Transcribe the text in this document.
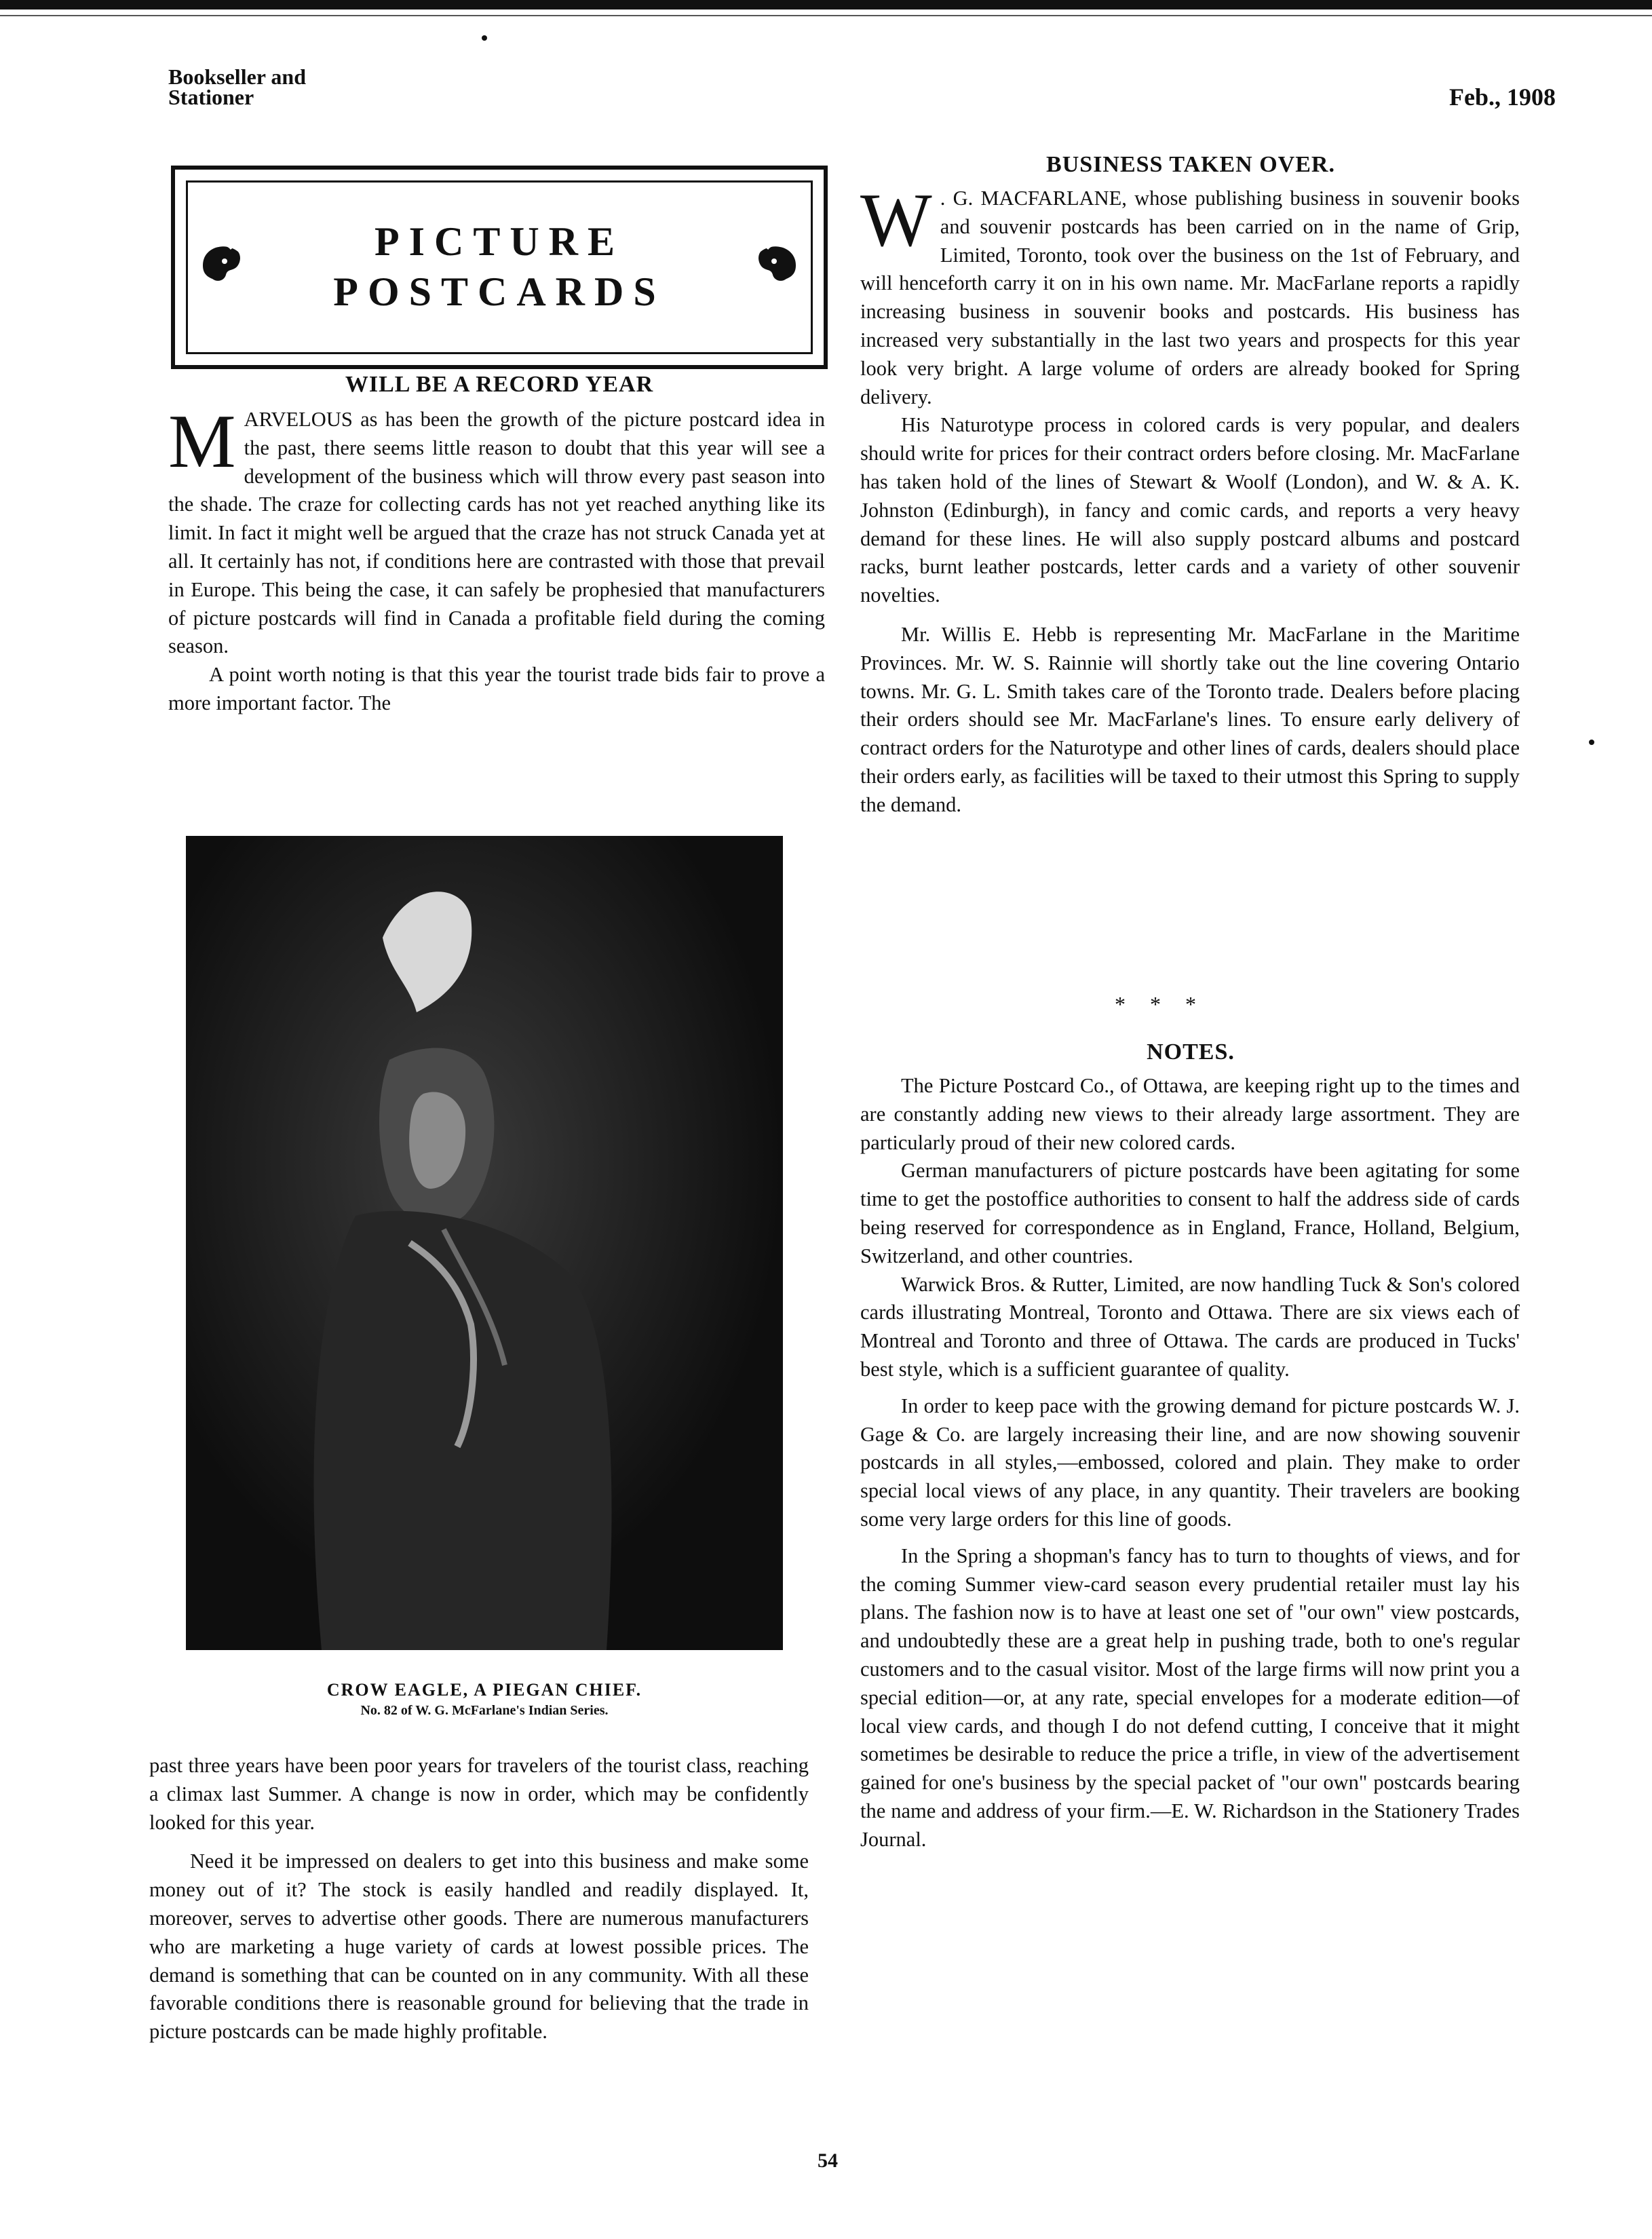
Bookseller and
Stationer	Feb., 1908
PICTURE
POSTCARDS
WILL BE A RECORD YEAR

MARVELOUS as has been the growth of the picture postcard idea in the past, there seems little reason to doubt that this year will see a development of the business which will throw every past season into the shade. The craze for collecting cards has not yet reached anything like its limit. In fact it might well be argued that the craze has not struck Canada yet at all. It certainly has not, if conditions here are contrasted with those that prevail in Europe. This being the case, it can safely be prophesied that manufacturers of picture postcards will find in Canada a profitable field during the coming season.

A point worth noting is that this year the tourist trade bids fair to prove a more important factor. The

CROW EAGLE, A PIEGAN CHIEF.
No. 82 of W. G. McFarlane's Indian Series.

past three years have been poor years for travelers of the tourist class, reaching a climax last Summer. A change is now in order, which may be confidently looked for this year.

Need it be impressed on dealers to get into this business and make some money out of it? The stock is easily handled and readily displayed. It, moreover, serves to advertise other goods. There are numerous manufacturers who are marketing a huge variety of cards at lowest possible prices. The demand is something that can be counted on in any community. With all these favorable conditions there is reasonable ground for believing that the trade in picture postcards can be made highly profitable.

BUSINESS TAKEN OVER.

W . G. MACFARLANE, whose publishing business in souvenir books and souvenir postcards has been carried on in the name of Grip, Limited, Toronto, took over the business on the 1st of February, and will henceforth carry it on in his own name. Mr. MacFarlane reports a rapidly increasing business in souvenir books and postcards. His business has increased very substantially in the last two years and prospects for this year look very bright. A large volume of orders are already booked for Spring delivery.

His Naturotype process in colored cards is very popular, and dealers should write for prices for their contract orders before closing. Mr. MacFarlane has taken hold of the lines of Stewart & Woolf (London), and W. & A. K. Johnston (Edinburgh), in fancy and comic cards, and reports a very heavy demand for these lines. He will also supply postcard albums and postcard racks, burnt leather postcards, letter cards and a variety of other souvenir novelties.

Mr. Willis E. Hebb is representing Mr. MacFarlane in the Maritime Provinces. Mr. W. S. Rainnie will shortly take out the line covering Ontario towns. Mr. G. L. Smith takes care of the Toronto trade. Dealers before placing their orders should see Mr. MacFarlane's lines. To ensure early delivery of contract orders for the Naturotype and other lines of cards, dealers should place their orders early, as facilities will be taxed to their utmost this Spring to supply the demand.

* * *
NOTES.

The Picture Postcard Co., of Ottawa, are keeping right up to the times and are constantly adding new views to their already large assortment. They are particularly proud of their new colored cards.

German manufacturers of picture postcards have been agitating for some time to get the postoffice authorities to consent to half the address side of cards being reserved for correspondence as in England, France, Holland, Belgium, Switzerland, and other countries.

Warwick Bros. & Rutter, Limited, are now handling Tuck & Son's colored cards illustrating Montreal, Toronto and Ottawa. There are six views each of Montreal and Toronto and three of Ottawa. The cards are produced in Tucks' best style, which is a sufficient guarantee of quality.

In order to keep pace with the growing demand for picture postcards W. J. Gage & Co. are largely increasing their line, and are now showing souvenir postcards in all styles,—embossed, colored and plain. They make to order special local views of any place, in any quantity. Their travelers are booking some very large orders for this line of goods.

In the Spring a shopman's fancy has to turn to thoughts of views, and for the coming Summer view-card season every prudential retailer must lay his plans. The fashion now is to have at least one set of "our own" view postcards, and undoubtedly these are a great help in pushing trade, both to one's regular customers and to the casual visitor. Most of the large firms will now print you a special edition—or, at any rate, special envelopes for a moderate edition—of local view cards, and though I do not defend cutting, I conceive that it might sometimes be desirable to reduce the price a trifle, in view of the advertisement gained for one's business by the special packet of "our own" postcards bearing the name and address of your firm.—E. W. Richardson in the Stationery Trades Journal.

54
